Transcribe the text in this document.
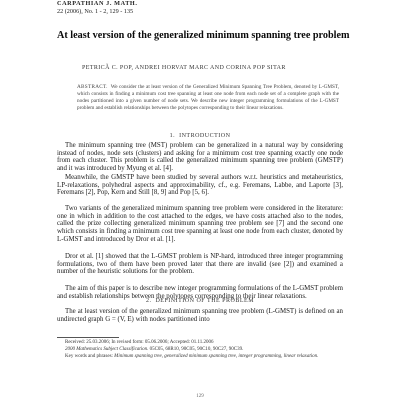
CARPATHIAN J. MATH.
22 (2006), No. 1 - 2, 129 - 135
At least version of the generalized minimum spanning tree problem
PETRICĂ C. POP, ANDREI HORVAT MARC AND CORINA POP SITAR
ABSTRACT. We consider the at least version of the Generalized Minimum Spanning Tree Problem, denoted by L-GMST, which consists in finding a minimum cost tree spanning at least one node from each node set of a complete graph with the nodes partitioned into a given number of node sets. We describe new integer programming formulations of the L-GMST problem and establish relationships between the polytopes corresponding to their linear relaxations.
1. INTRODUCTION
The minimum spanning tree (MST) problem can be generalized in a natural way by considering instead of nodes, node sets (clusters) and asking for a minimum cost tree spanning exactly one node from each cluster. This problem is called the generalized minimum spanning tree problem (GMSTP) and it was introduced by Myung et al. [4].
Meanwhile, the GMSTP have been studied by several authors w.r.t. heuristics and metaheuristics, LP-relaxations, polyhedral aspects and approximability, cf., e.g. Feremans, Labbe, and Laporte [3], Feremans [2], Pop, Kern and Still [8, 9] and Pop [5, 6].
Two variants of the generalized minimum spanning tree problem were considered in the literature: one in which in addition to the cost attached to the edges, we have costs attached also to the nodes, called the prize collecting generalized minimum spanning tree problem see [7] and the second one which consists in finding a minimum cost tree spanning at least one node from each cluster, denoted by L-GMST and introduced by Dror et al. [1].
Dror et al. [1] showed that the L-GMST problem is NP-hard, introduced three integer programming formulations, two of them have been proved later that there are invalid (see [2]) and examined a number of the heuristic solutions for the problem.
The aim of this paper is to describe new integer programming formulations of the L-GMST problem and establish relationships between the polytopes corresponding to their linear relaxations.
2. DEFINITION OF THE PROBLEM
The at least version of the generalized minimum spanning tree problem (L-GMST) is defined on an undirected graph G = (V, E) with nodes partitioned into
Received: 25.03.2006; In revised form: 05.06.2006; Accepted: 01.11.2006
2000 Mathematics Subject Classification. 05C05, 68R10, 90C05, 90C10, 90C27, 90C39.
Key words and phrases: Minimum spanning tree, generalized minimum spanning tree, integer programming, linear relaxation.
129
